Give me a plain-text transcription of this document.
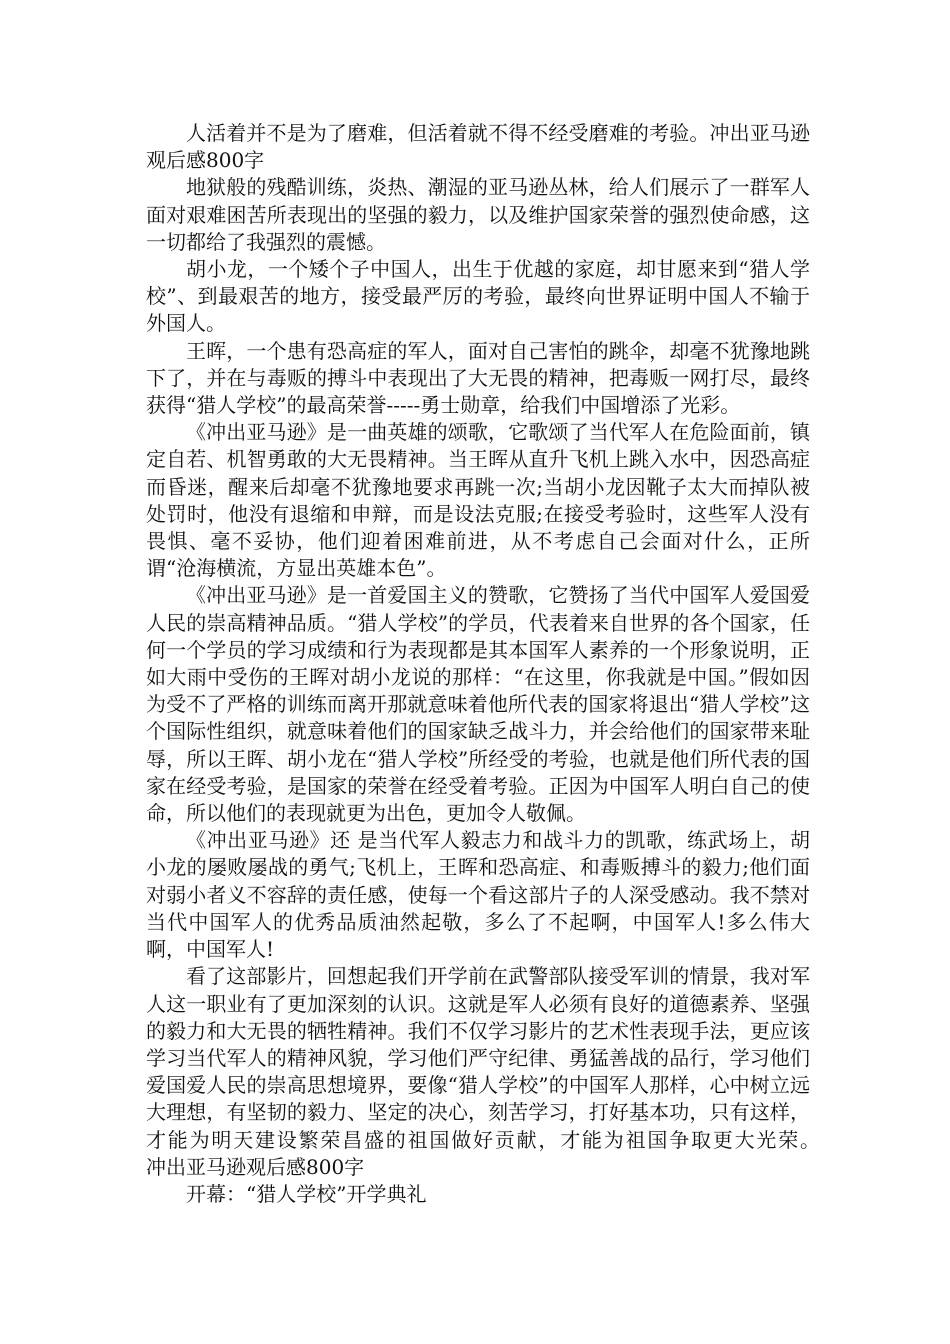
人活着并不是为了磨难，但活着就不得不经受磨难的考验。冲出亚马逊观后感800字

地狱般的残酷训练，炎热、潮湿的亚马逊丛林，给人们展示了一群军人面对艰难困苦所表现出的坚强的毅力，以及维护国家荣誉的强烈使命感，这一切都给了我强烈的震憾。

胡小龙，一个矮个子中国人，出生于优越的家庭，却甘愿来到“猎人学校”、到最艰苦的地方，接受最严厉的考验，最终向世界证明中国人不输于外国人。

王晖，一个患有恐高症的军人，面对自己害怕的跳伞，却毫不犹豫地跳下了，并在与毒贩的搏斗中表现出了大无畏的精神，把毒贩一网打尽，最终获得“猎人学校”的最高荣誉-----勇士勋章，给我们中国增添了光彩。

《冲出亚马逊》是一曲英雄的颂歌，它歌颂了当代军人在危险面前，镇定自若、机智勇敢的大无畏精神。当王晖从直升飞机上跳入水中，因恐高症而昏迷，醒来后却毫不犹豫地要求再跳一次;当胡小龙因靴子太大而掉队被处罚时，他没有退缩和申辩，而是设法克服;在接受考验时，这些军人没有畏惧、毫不妥协，他们迎着困难前进，从不考虑自己会面对什么，正所谓“沧海横流，方显出英雄本色”。

《冲出亚马逊》是一首爱国主义的赞歌，它赞扬了当代中国军人爱国爱人民的崇高精神品质。“猎人学校”的学员，代表着来自世界的各个国家，任何一个学员的学习成绩和行为表现都是其本国军人素养的一个形象说明，正如大雨中受伤的王晖对胡小龙说的那样：“在这里，你我就是中国。”假如因为受不了严格的训练而离开那就意味着他所代表的国家将退出“猎人学校”这个国际性组织，就意味着他们的国家缺乏战斗力，并会给他们的国家带来耻辱，所以王晖、胡小龙在“猎人学校”所经受的考验，也就是他们所代表的国家在经受考验，是国家的荣誉在经受着考验。正因为中国军人明白自己的使命，所以他们的表现就更为出色，更加令人敬佩。

《冲出亚马逊》还 是当代军人毅志力和战斗力的凯歌，练武场上，胡小龙的屡败屡战的勇气;飞机上，王晖和恐高症、和毒贩搏斗的毅力;他们面对弱小者义不容辞的责任感，使每一个看这部片子的人深受感动。我不禁对当代中国军人的优秀品质油然起敬，多么了不起啊，中国军人!多么伟大啊，中国军人!

看了这部影片，回想起我们开学前在武警部队接受军训的情景，我对军人这一职业有了更加深刻的认识。这就是军人必须有良好的道德素养、坚强的毅力和大无畏的牺牲精神。我们不仅学习影片的艺术性表现手法，更应该学习当代军人的精神风貌，学习他们严守纪律、勇猛善战的品行，学习他们爱国爱人民的崇高思想境界，要像“猎人学校”的中国军人那样，心中树立远大理想，有坚韧的毅力、坚定的决心，刻苦学习，打好基本功，只有这样，才能为明天建设繁荣昌盛的祖国做好贡献，才能为祖国争取更大光荣。　　冲出亚马逊观后感800字

开幕：“猎人学校”开学典礼
